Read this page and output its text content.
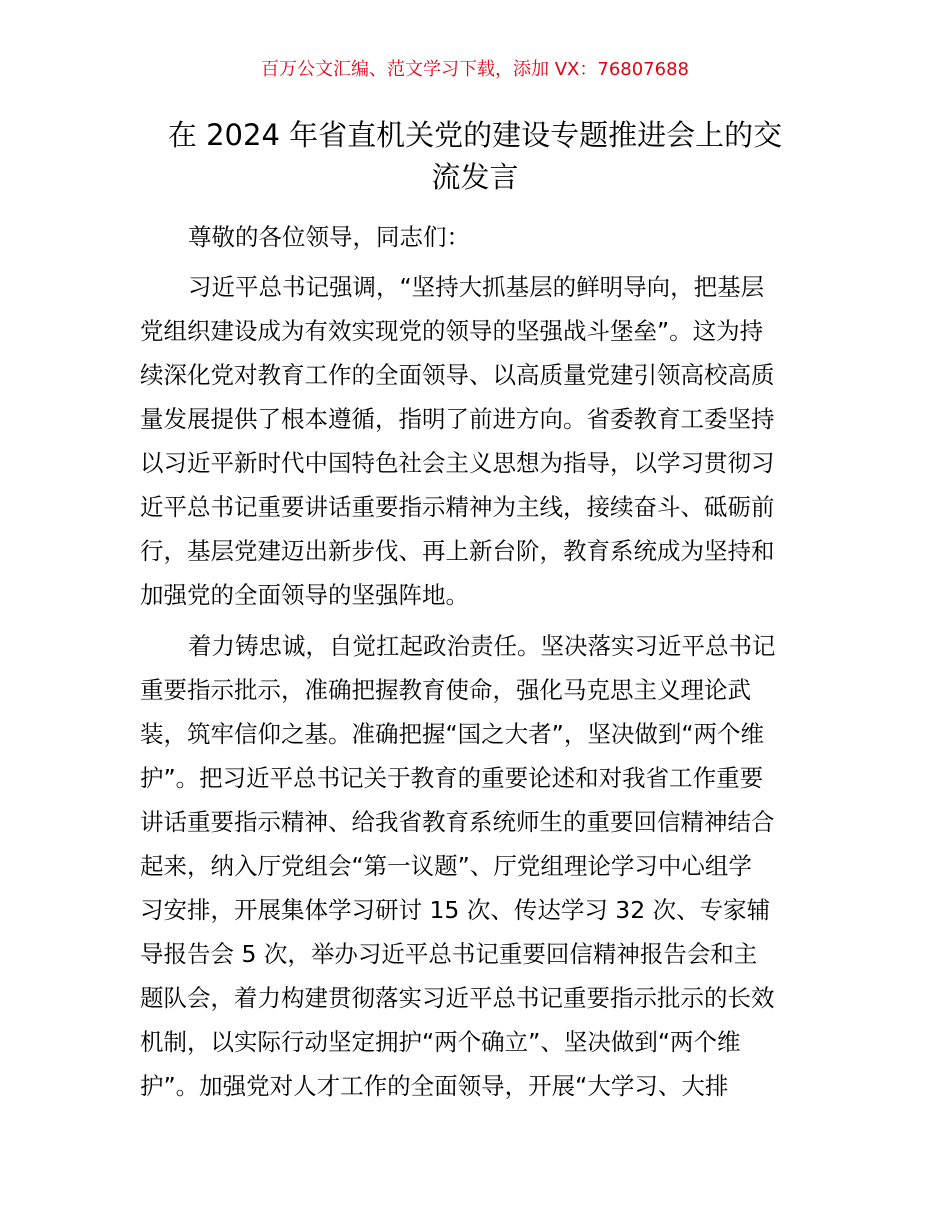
百万公文汇编、范文学习下载，添加 VX：76807688
在 2024 年省直机关党的建设专题推进会上的交
流发言
尊敬的各位领导，同志们：
习近平总书记强调，“坚持大抓基层的鲜明导向，把基层
党组织建设成为有效实现党的领导的坚强战斗堡垒”。这为持
续深化党对教育工作的全面领导、以高质量党建引领高校高质
量发展提供了根本遵循，指明了前进方向。省委教育工委坚持
以习近平新时代中国特色社会主义思想为指导，以学习贯彻习
近平总书记重要讲话重要指示精神为主线，接续奋斗、砥砺前
行，基层党建迈出新步伐、再上新台阶，教育系统成为坚持和
加强党的全面领导的坚强阵地。
着力铸忠诚，自觉扛起政治责任。坚决落实习近平总书记
重要指示批示，准确把握教育使命，强化马克思主义理论武
装，筑牢信仰之基。准确把握“国之大者”，坚决做到“两个维
护”。把习近平总书记关于教育的重要论述和对我省工作重要
讲话重要指示精神、给我省教育系统师生的重要回信精神结合
起来，纳入厅党组会“第一议题”、厅党组理论学习中心组学
习安排，开展集体学习研讨 15 次、传达学习 32 次、专家辅
导报告会 5 次，举办习近平总书记重要回信精神报告会和主
题队会，着力构建贯彻落实习近平总书记重要指示批示的长效
机制，以实际行动坚定拥护“两个确立”、坚决做到“两个维
护”。加强党对人才工作的全面领导，开展“大学习、大排
